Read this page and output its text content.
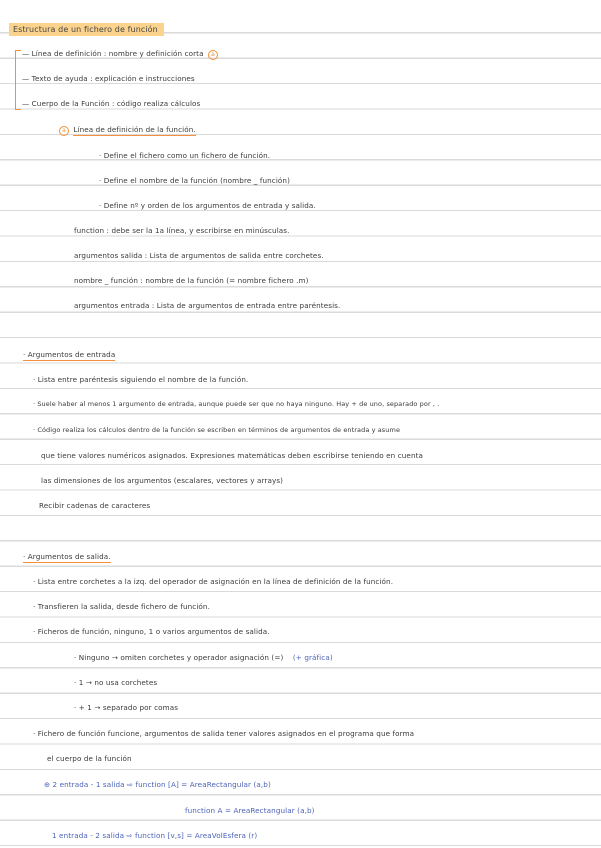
Estructura de un fichero de función
— Línea de definición : nombre y definición corta a
— Texto de ayuda : explicación e instrucciones
— Cuerpo de la Función : código realiza cálculos
a Línea de definición de la función.
· Define el fichero como un fichero de función.
· Define el nombre de la función (nombre _ función)
· Define nº y orden de los argumentos de entrada y salida.
function : debe ser la 1a línea, y escribirse en minúsculas.
argumentos salida : Lista de argumentos de salida entre corchetes.
nombre _ función : nombre de la función (= nombre fichero .m)
argumentos entrada : Lista de argumentos de entrada entre paréntesis.
· Argumentos de entrada
· Lista entre paréntesis siguiendo el nombre de la función.
· Suele haber al menos 1 argumento de entrada, aunque puede ser que no haya ninguno. Hay + de uno, separado por , .
· Código realiza los cálculos dentro de la función se escriben en términos de argumentos de entrada y asume
que tiene valores numéricos asignados. Expresiones matemáticas deben escribirse teniendo en cuenta
las dimensiones de los argumentos (escalares, vectores y arrays)
Recibir cadenas de caracteres
· Argumentos de salida.
· Lista entre corchetes a la izq. del operador de asignación en la línea de definición de la función.
· Transfieren la salida, desde fichero de función.
· Ficheros de función, ninguno, 1 o varios argumentos de salida.
· Ninguno → omiten corchetes y operador asignación (=) (+ gráfica)
· 1 → no usa corchetes
· + 1 → separado por comas
· Fichero de función funcione, argumentos de salida tener valores asignados en el programa que forma
el cuerpo de la función
⊕ 2 entrada - 1 salida ⇨ function [A] = AreaRectangular (a,b)
function A = AreaRectangular (a,b)
1 entrada - 2 salida ⇨ function [v,s] = AreaVolEsfera (r)
